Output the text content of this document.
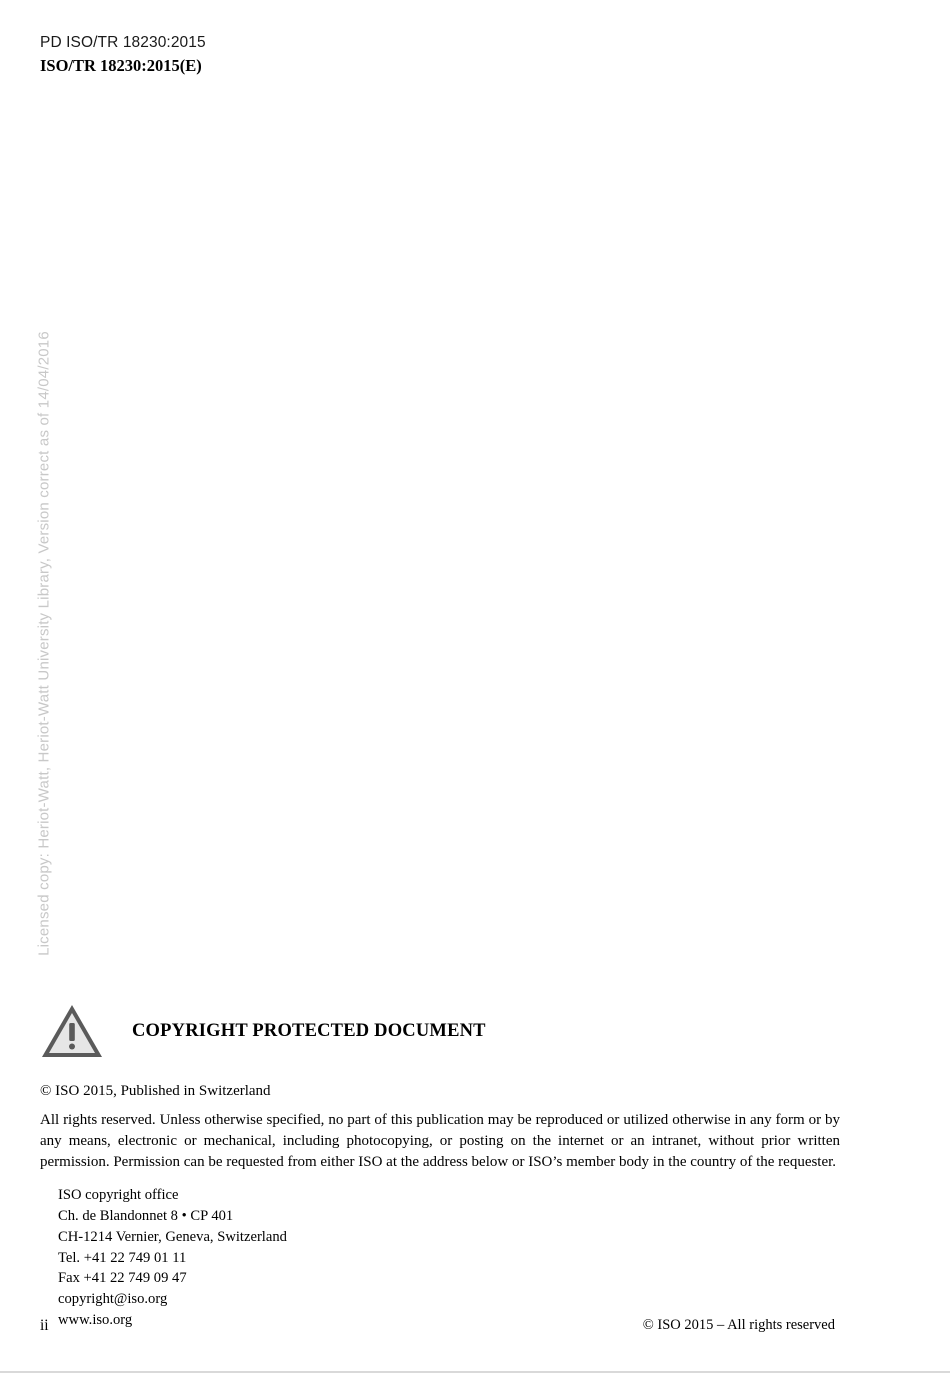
PD ISO/TR 18230:2015
ISO/TR 18230:2015(E)
Licensed copy: Heriot-Watt, Heriot-Watt University Library, Version correct as of 14/04/2016
COPYRIGHT PROTECTED DOCUMENT
© ISO 2015, Published in Switzerland
All rights reserved. Unless otherwise specified, no part of this publication may be reproduced or utilized otherwise in any form or by any means, electronic or mechanical, including photocopying, or posting on the internet or an intranet, without prior written permission. Permission can be requested from either ISO at the address below or ISO’s member body in the country of the requester.
ISO copyright office
Ch. de Blandonnet 8 • CP 401
CH-1214 Vernier, Geneva, Switzerland
Tel. +41 22 749 01 11
Fax +41 22 749 09 47
copyright@iso.org
www.iso.org
ii	© ISO 2015 – All rights reserved
